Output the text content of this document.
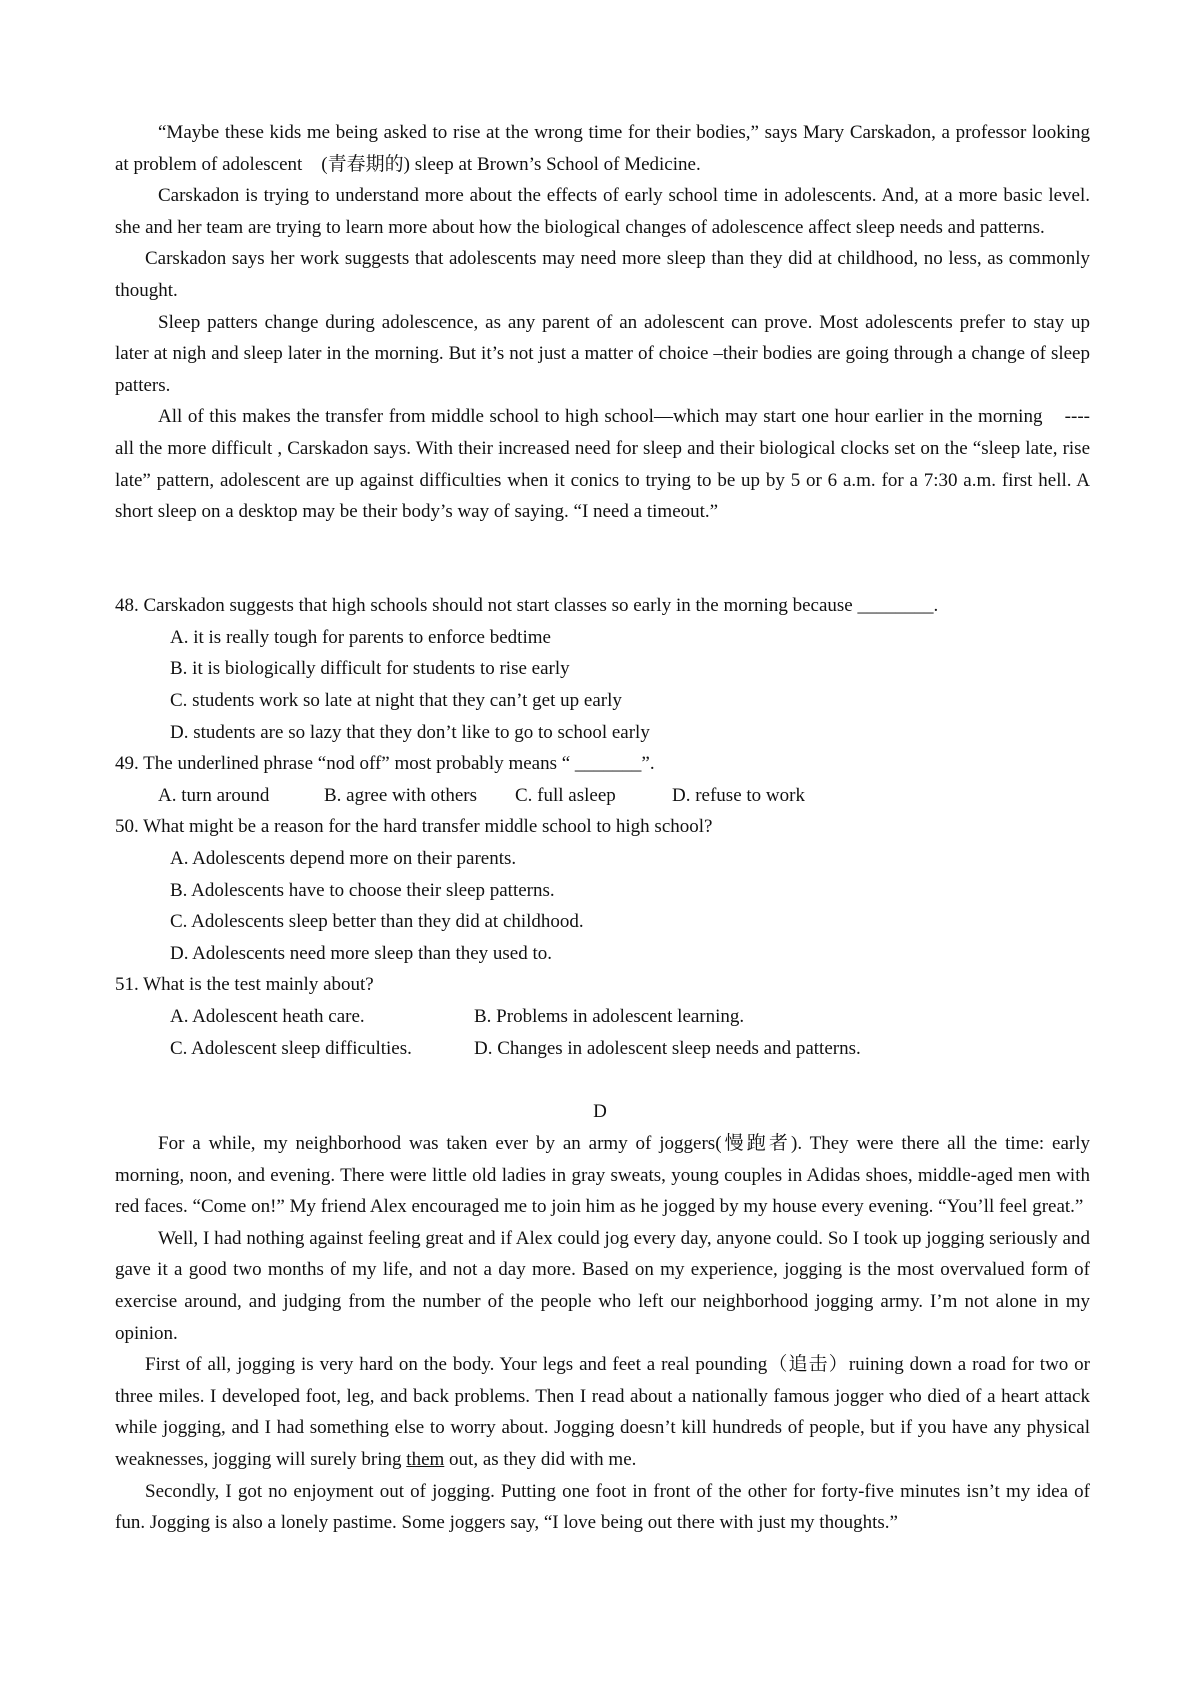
“Maybe these kids me being asked to rise at the wrong time for their bodies,” says Mary Carskadon, a professor looking at problem of adolescent    (青春期的) sleep at Brown’s School of Medicine.

Carskadon is trying to understand more about the effects of early school time in adolescents. And, at a more basic level. she and her team are trying to learn more about how the biological changes of adolescence affect sleep needs and patterns.

Carskadon says her work suggests that adolescents may need more sleep than they did at childhood, no less, as commonly thought.

Sleep patters change during adolescence, as any parent of an adolescent can prove. Most adolescents prefer to stay up later at nigh and sleep later in the morning. But it’s not just a matter of choice –their bodies are going through a change of sleep patters.

All of this makes the transfer from middle school to high school—which may start one hour earlier in the morning    ---- all the more difficult , Carskadon says. With their increased need for sleep and their biological clocks set on the “sleep late, rise late” pattern, adolescent are up against difficulties when it conics to trying to be up by 5 or 6 a.m. for a 7:30 a.m. first hell. A short sleep on a desktop may be their body’s way of saying. “I need a timeout.”

48. Carskadon suggests that high schools should not start classes so early in the morning because ________.
A. it is really tough for parents to enforce bedtime
B. it is biologically difficult for students to rise early
C. students work so late at night that they can’t get up early
D. students are so lazy that they don’t like to go to school early
49. The underlined phrase “nod off” most probably means “ _______”.
A. turn around	B. agree with others C. full asleep	D. refuse to work
50. What might be a reason for the hard transfer middle school to high school?
A. Adolescents depend more on their parents.
B. Adolescents have to choose their sleep patterns.
C. Adolescents sleep better than they did at childhood.
D. Adolescents need more sleep than they used to.
51. What is the test mainly about?
A. Adolescent heath care.	B. Problems in adolescent learning.
C. Adolescent sleep difficulties.	D. Changes in adolescent sleep needs and patterns.
D

For a while, my neighborhood was taken ever by an army of joggers(慢跑者). They were there all the time: early morning, noon, and evening. There were little old ladies in gray sweats, young couples in Adidas shoes, middle-aged men with red faces. “Come on!” My friend Alex encouraged me to join him as he jogged by my house every evening. “You’ll feel great.”

Well, I had nothing against feeling great and if Alex could jog every day, anyone could. So I took up jogging seriously and gave it a good two months of my life, and not a day more. Based on my experience, jogging is the most overvalued form of exercise around, and judging from the number of the people who left our neighborhood jogging army. I’m not alone in my opinion.

First of all, jogging is very hard on the body. Your legs and feet a real pounding（追击）ruining down a road for two or three miles. I developed foot, leg, and back problems. Then I read about a nationally famous jogger who died of a heart attack while jogging, and I had something else to worry about. Jogging doesn’t kill hundreds of people, but if you have any physical weaknesses, jogging will surely bring them out, as they did with me.

Secondly, I got no enjoyment out of jogging. Putting one foot in front of the other for forty-five minutes isn’t my idea of fun. Jogging is also a lonely pastime. Some joggers say, “I love being out there with just my thoughts.”
